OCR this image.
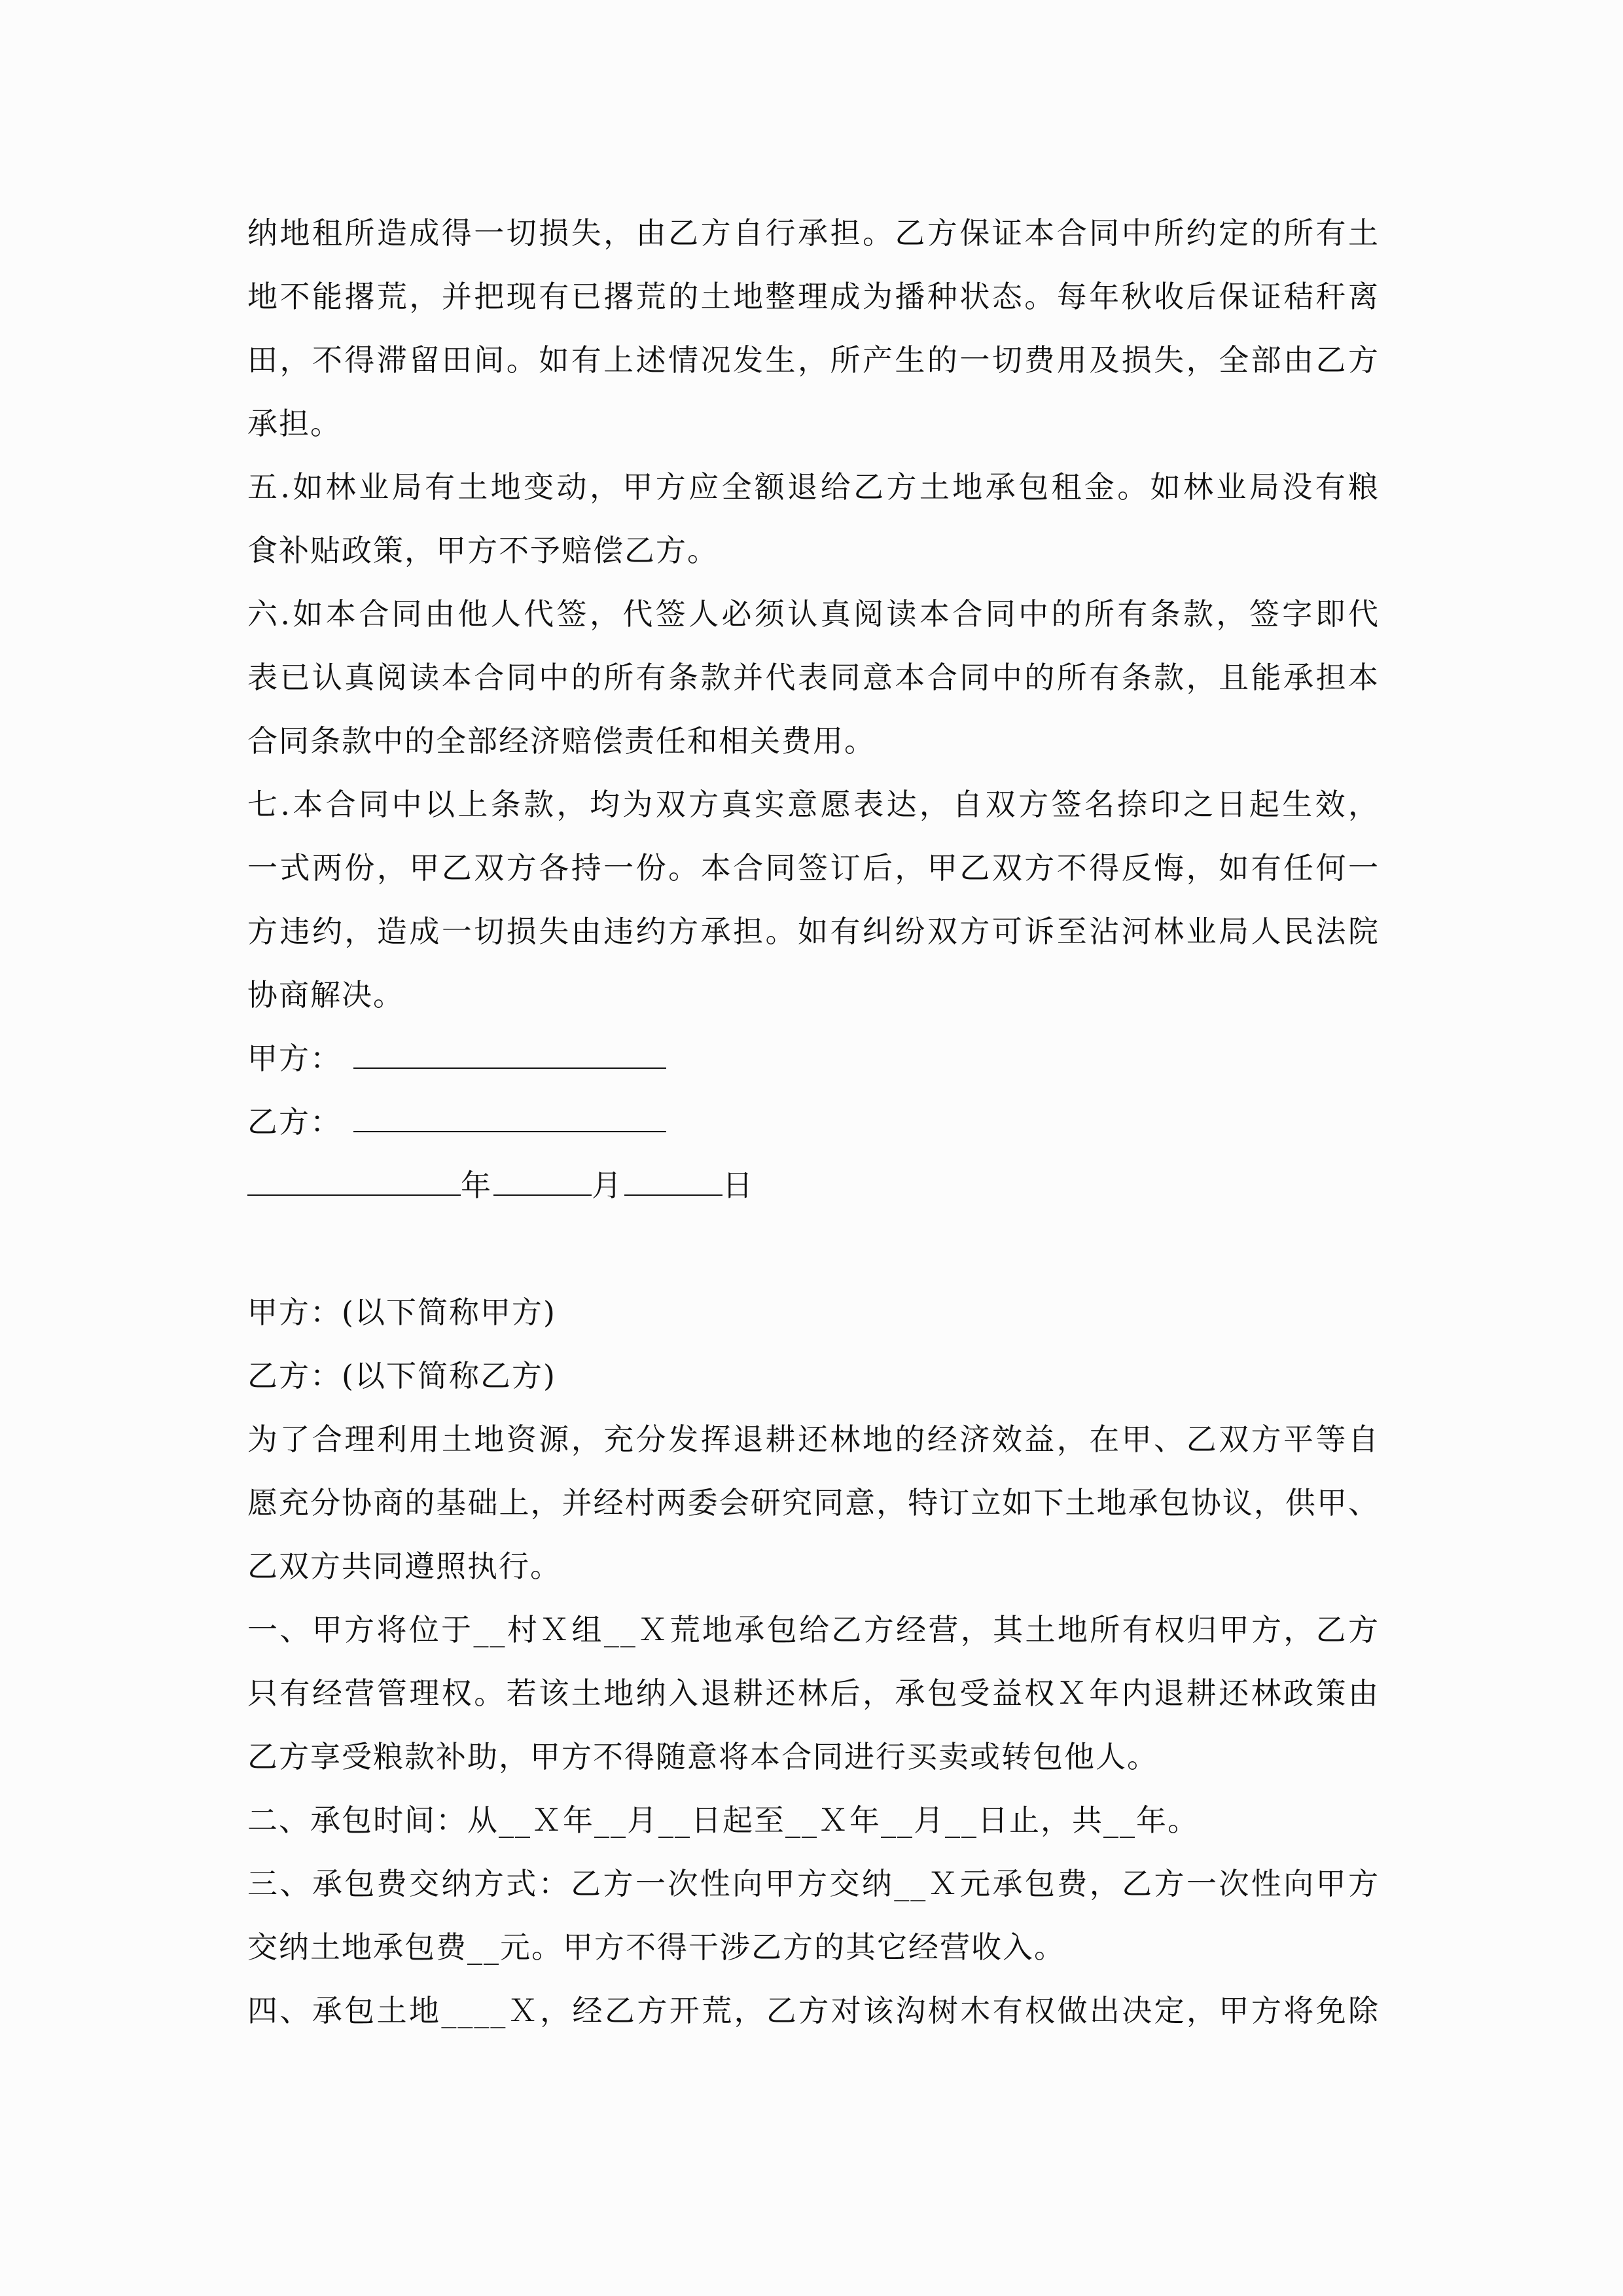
纳地租所造成得一切损失，由乙方自行承担。乙方保证本合同中所约定的所有土
地不能撂荒，并把现有已撂荒的土地整理成为播种状态。每年秋收后保证秸秆离
田，不得滞留田间。如有上述情况发生，所产生的一切费用及损失，全部由乙方
承担。
五.如林业局有土地变动，甲方应全额退给乙方土地承包租金。如林业局没有粮
食补贴政策，甲方不予赔偿乙方。
六.如本合同由他人代签，代签人必须认真阅读本合同中的所有条款，签字即代
表已认真阅读本合同中的所有条款并代表同意本合同中的所有条款，且能承担本
合同条款中的全部经济赔偿责任和相关费用。
七.本合同中以上条款，均为双方真实意愿表达，自双方签名捺印之日起生效，
一式两份，甲乙双方各持一份。本合同签订后，甲乙双方不得反悔，如有任何一
方违约，造成一切损失由违约方承担。如有纠纷双方可诉至沾河林业局人民法院
协商解决。
甲方：
乙方：
年	月	日
甲方：(以下简称甲方)
乙方：(以下简称乙方)
为了合理利用土地资源，充分发挥退耕还林地的经济效益，在甲、乙双方平等自
愿充分协商的基础上，并经村两委会研究同意，特订立如下土地承包协议，供甲、
乙双方共同遵照执行。
一、甲方将位于__村Ｘ组__Ｘ荒地承包给乙方经营，其土地所有权归甲方，乙方
只有经营管理权。若该土地纳入退耕还林后，承包受益权Ｘ年内退耕还林政策由
乙方享受粮款补助，甲方不得随意将本合同进行买卖或转包他人。
二、承包时间：从__Ｘ年__月__日起至__Ｘ年__月__日止，共__年。
三、承包费交纳方式：乙方一次性向甲方交纳__Ｘ元承包费，乙方一次性向甲方
交纳土地承包费__元。甲方不得干涉乙方的其它经营收入。
四、承包土地____Ｘ，经乙方开荒，乙方对该沟树木有权做出决定，甲方将免除
